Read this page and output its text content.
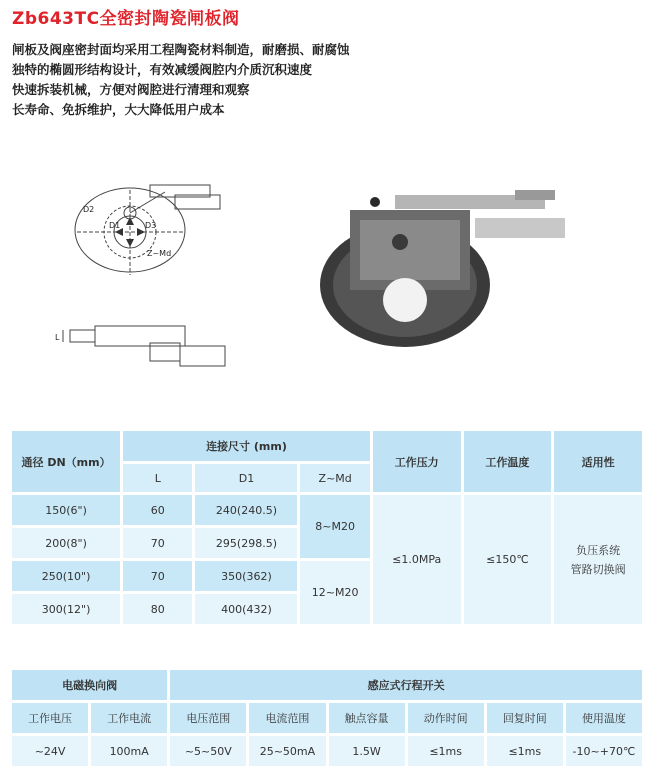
Zb643TC全密封陶瓷闸板阀
闸板及阀座密封面均采用工程陶瓷材料制造，耐磨损、耐腐蚀
独特的椭圆形结构设计，有效减缓阀腔内介质沉积速度
快速拆装机械，方便对阀腔进行清理和观察
长寿命、免拆维护，大大降低用户成本
D2
D1	D3
Z~Md
L
通径 DN（mm）	连接尺寸 (mm)			工作压力	工作温度	适用性
	L	D1	Z~Md			
150(6")	60	240(240.5)	8~M20	≤1.0MPa	≤150℃	负压系统
管路切换阀

200(8")	70	295(298.5)				
250(10")	70	350(362)	12~M20			
300(12")	80	400(432)				
电磁换向阀		感应式行程开关					
工作电压	工作电流	电压范围	电流范围	触点容量	动作时间	回复时间	使用温度
~24V	100mA	~5~50V	25~50mA	1.5W	≤1ms	≤1ms	-10~+70℃
